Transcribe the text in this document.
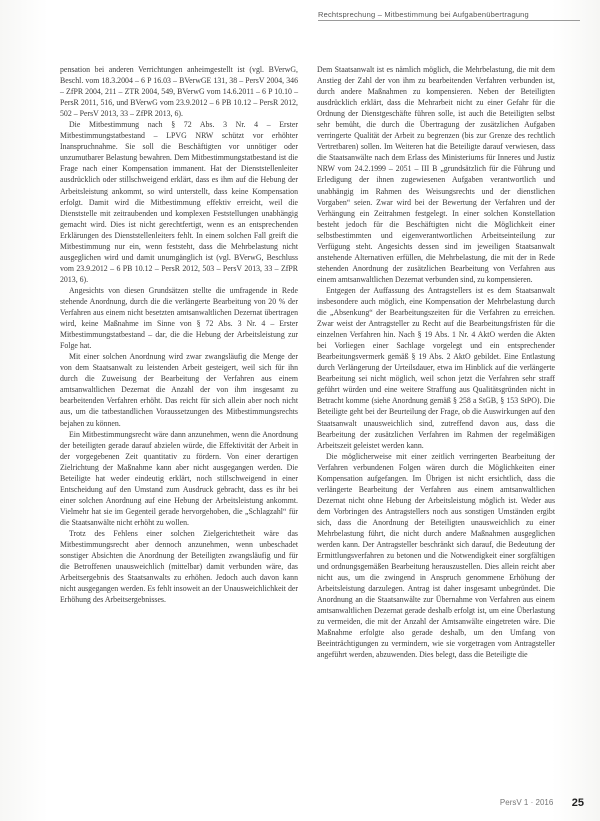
Rechtsprechung – Mitbestimmung bei Aufgabenübertragung

pensation bei anderen Verrichtungen anheimgestellt ist (vgl. BVerwG, Beschl. vom 18.3.2004 – 6 P 16.03 – BVerwGE 131, 38 – PersV 2004, 346 – ZfPR 2004, 211 – ZTR 2004, 549, BVerwG vom 14.6.2011 – 6 P 10.10 – PersR 2011, 516, und BVerwG vom 23.9.2012 – 6 PB 10.12 – PersR 2012, 502 – PersV 2013, 33 – ZfPR 2013, 6).

Die Mitbestimmung nach § 72 Abs. 3 Nr. 4 – Erster Mitbestimmungstatbestand – LPVG NRW schützt vor erhöhter Inanspruchnahme. Sie soll die Beschäftigten vor unnötiger oder unzumutbarer Belastung bewahren. Dem Mitbestimmungstatbestand ist die Frage nach einer Kompensation immanent. Hat der Dienststellenleiter ausdrücklich oder stillschweigend erklärt, dass es ihm auf die Hebung der Arbeitsleistung ankommt, so wird unterstellt, dass keine Kompensation erfolgt. Damit wird die Mitbestimmung effektiv erreicht, weil die Dienststelle mit zeitraubenden und komplexen Feststellungen unabhängig gemacht wird. Dies ist nicht gerechtfertigt, wenn es an entsprechenden Erklärungen des Dienststellenleiters fehlt. In einem solchen Fall greift die Mitbestimmung nur ein, wenn feststeht, dass die Mehrbelastung nicht ausgeglichen wird und damit unumgänglich ist (vgl. BVerwG, Beschluss vom 23.9.2012 – 6 PB 10.12 – PersR 2012, 503 – PersV 2013, 33 – ZfPR 2013, 6).

Angesichts von diesen Grundsätzen stellte die umfragende in Rede stehende Anordnung, durch die die verlängerte Bearbeitung von 20 % der Verfahren aus einem nicht besetzten amtsanwaltlichen Dezernat übertragen wird, keine Maßnahme im Sinne von § 72 Abs. 3 Nr. 4 – Erster Mitbestimmungstatbestand – dar, die die Hebung der Arbeitsleistung zur Folge hat.

Mit einer solchen Anordnung wird zwar zwangsläufig die Menge der von dem Staatsanwalt zu leistenden Arbeit gesteigert, weil sich für ihn durch die Zuweisung der Bearbeitung der Verfahren aus einem amtsanwaltlichen Dezernat die Anzahl der von ihm insgesamt zu bearbeitenden Verfahren erhöht. Das reicht für sich allein aber noch nicht aus, um die tatbestandlichen Voraussetzungen des Mitbestimmungsrechts bejahen zu können.

Ein Mitbestimmungsrecht wäre dann anzunehmen, wenn die Anordnung der beteiligten gerade darauf abzielen würde, die Effektivität der Arbeit in der vorgegebenen Zeit quantitativ zu fördern. Von einer derartigen Zielrichtung der Maßnahme kann aber nicht ausgegangen werden. Die Beteiligte hat weder eindeutig erklärt, noch stillschweigend in einer Entscheidung auf den Umstand zum Ausdruck gebracht, dass es ihr bei einer solchen Anordnung auf eine Hebung der Arbeitsleistung ankommt. Vielmehr hat sie im Gegenteil gerade hervorgehoben, die „Schlagzahl“ für die Staatsanwälte nicht erhöht zu wollen.

Trotz des Fehlens einer solchen Zielgerichtetheit wäre das Mitbestimmungsrecht aber dennoch anzunehmen, wenn unbeschadet sonstiger Absichten die Anordnung der Beteiligten zwangsläufig und für die Betroffenen unausweichlich (mittelbar) damit verbunden wäre, das Arbeitsergebnis des Staatsanwalts zu erhöhen. Jedoch auch davon kann nicht ausgegangen werden. Es fehlt insoweit an der Unausweichlichkeit der Erhöhung des Arbeitsergebnisses.

Dem Staatsanwalt ist es nämlich möglich, die Mehrbelastung, die mit dem Anstieg der Zahl der von ihm zu bearbeitenden Verfahren verbunden ist, durch andere Maßnahmen zu kompensieren. Neben der Beteiligten ausdrücklich erklärt, dass die Mehrarbeit nicht zu einer Gefahr für die Ordnung der Dienstgeschäfte führen solle, ist auch die Beteiligten selbst sehr bemüht, die durch die Übertragung der zusätzlichen Aufgaben verringerte Qualität der Arbeit zu begrenzen (bis zur Grenze des rechtlich Vertretbaren) sollen. Im Weiteren hat die Beteiligte darauf verwiesen, dass die Staatsanwälte nach dem Erlass des Ministeriums für Inneres und Justiz NRW vom 24.2.1999 – 2051 – III B „grundsätzlich für die Führung und Erledigung der ihnen zugewiesenen Aufgaben verantwortlich und unabhängig im Rahmen des Weisungsrechts und der dienstlichen Vorgaben“ seien. Zwar wird bei der Bewertung der Verfahren und der Verhängung ein Zeitrahmen festgelegt. In einer solchen Konstellation besteht jedoch für die Beschäftigten nicht die Möglichkeit einer selbstbestimmten und eigenverantwortlichen Arbeitseinteilung zur Verfügung steht. Angesichts dessen sind im jeweiligen Staatsanwalt anstehende Alternativen erfüllen, die Mehrbelastung, die mit der in Rede stehenden Anordnung der zusätzlichen Bearbeitung von Verfahren aus einem amtsanwaltlichen Dezernat verbunden sind, zu kompensieren.

Entgegen der Auffassung des Antragstellers ist es dem Staatsanwalt insbesondere auch möglich, eine Kompensation der Mehrbelastung durch die „Absenkung“ der Bearbeitungszeiten für die Verfahren zu erreichen. Zwar weist der Antragsteller zu Recht auf die Bearbeitungsfristen für die einzelnen Verfahren hin. Nach § 19 Abs. 1 Nr. 4 AktO werden die Akten bei Vorliegen einer Sachlage vorgelegt und ein entsprechender Bearbeitungsvermerk gemäß § 19 Abs. 2 AktO gebildet. Eine Entlastung durch Verlängerung der Urteilsdauer, etwa im Hinblick auf die verlängerte Bearbeitung sei nicht möglich, weil schon jetzt die Verfahren sehr straff geführt würden und eine weitere Straffung aus Qualitätsgründen nicht in Betracht komme (siehe Anordnung gemäß § 258 a StGB, § 153 StPO). Die Beteiligte geht bei der Beurteilung der Frage, ob die Auswirkungen auf den Staatsanwalt unausweichlich sind, zutreffend davon aus, dass die Bearbeitung der zusätzlichen Verfahren im Rahmen der regelmäßigen Arbeitszeit geleistet werden kann.

Die möglicherweise mit einer zeitlich verringerten Bearbeitung der Verfahren verbundenen Folgen wären durch die Möglichkeiten einer Kompensation aufgefangen. Im Übrigen ist nicht ersichtlich, dass die verlängerte Bearbeitung der Verfahren aus einem amtsanwaltlichen Dezernat nicht ohne Hebung der Arbeitsleistung möglich ist. Weder aus dem Vorbringen des Antragstellers noch aus sonstigen Umständen ergibt sich, dass die Anordnung der Beteiligten unausweichlich zu einer Mehrbelastung führt, die nicht durch andere Maßnahmen ausgeglichen werden kann. Der Antragsteller beschränkt sich darauf, die Bedeutung der Ermittlungsverfahren zu betonen und die Notwendigkeit einer sorgfältigen und ordnungsgemäßen Bearbeitung herauszustellen. Dies allein reicht aber nicht aus, um die zwingend in Anspruch genommene Erhöhung der Arbeitsleistung darzulegen. Antrag ist daher insgesamt unbegründet. Die Anordnung an die Staatsanwälte zur Übernahme von Verfahren aus einem amtsanwaltlichen Dezernat gerade deshalb erfolgt ist, um eine Überlastung zu vermeiden, die mit der Anzahl der Amtsanwälte eingetreten wäre. Die Maßnahme erfolgte also gerade deshalb, um den Umfang von Beeinträchtigungen zu vermindern, wie sie vorgetragen vom Antragsteller angeführt werden, abzuwenden. Dies belegt, dass die Beteiligte die

PersV 1 · 2016 25
